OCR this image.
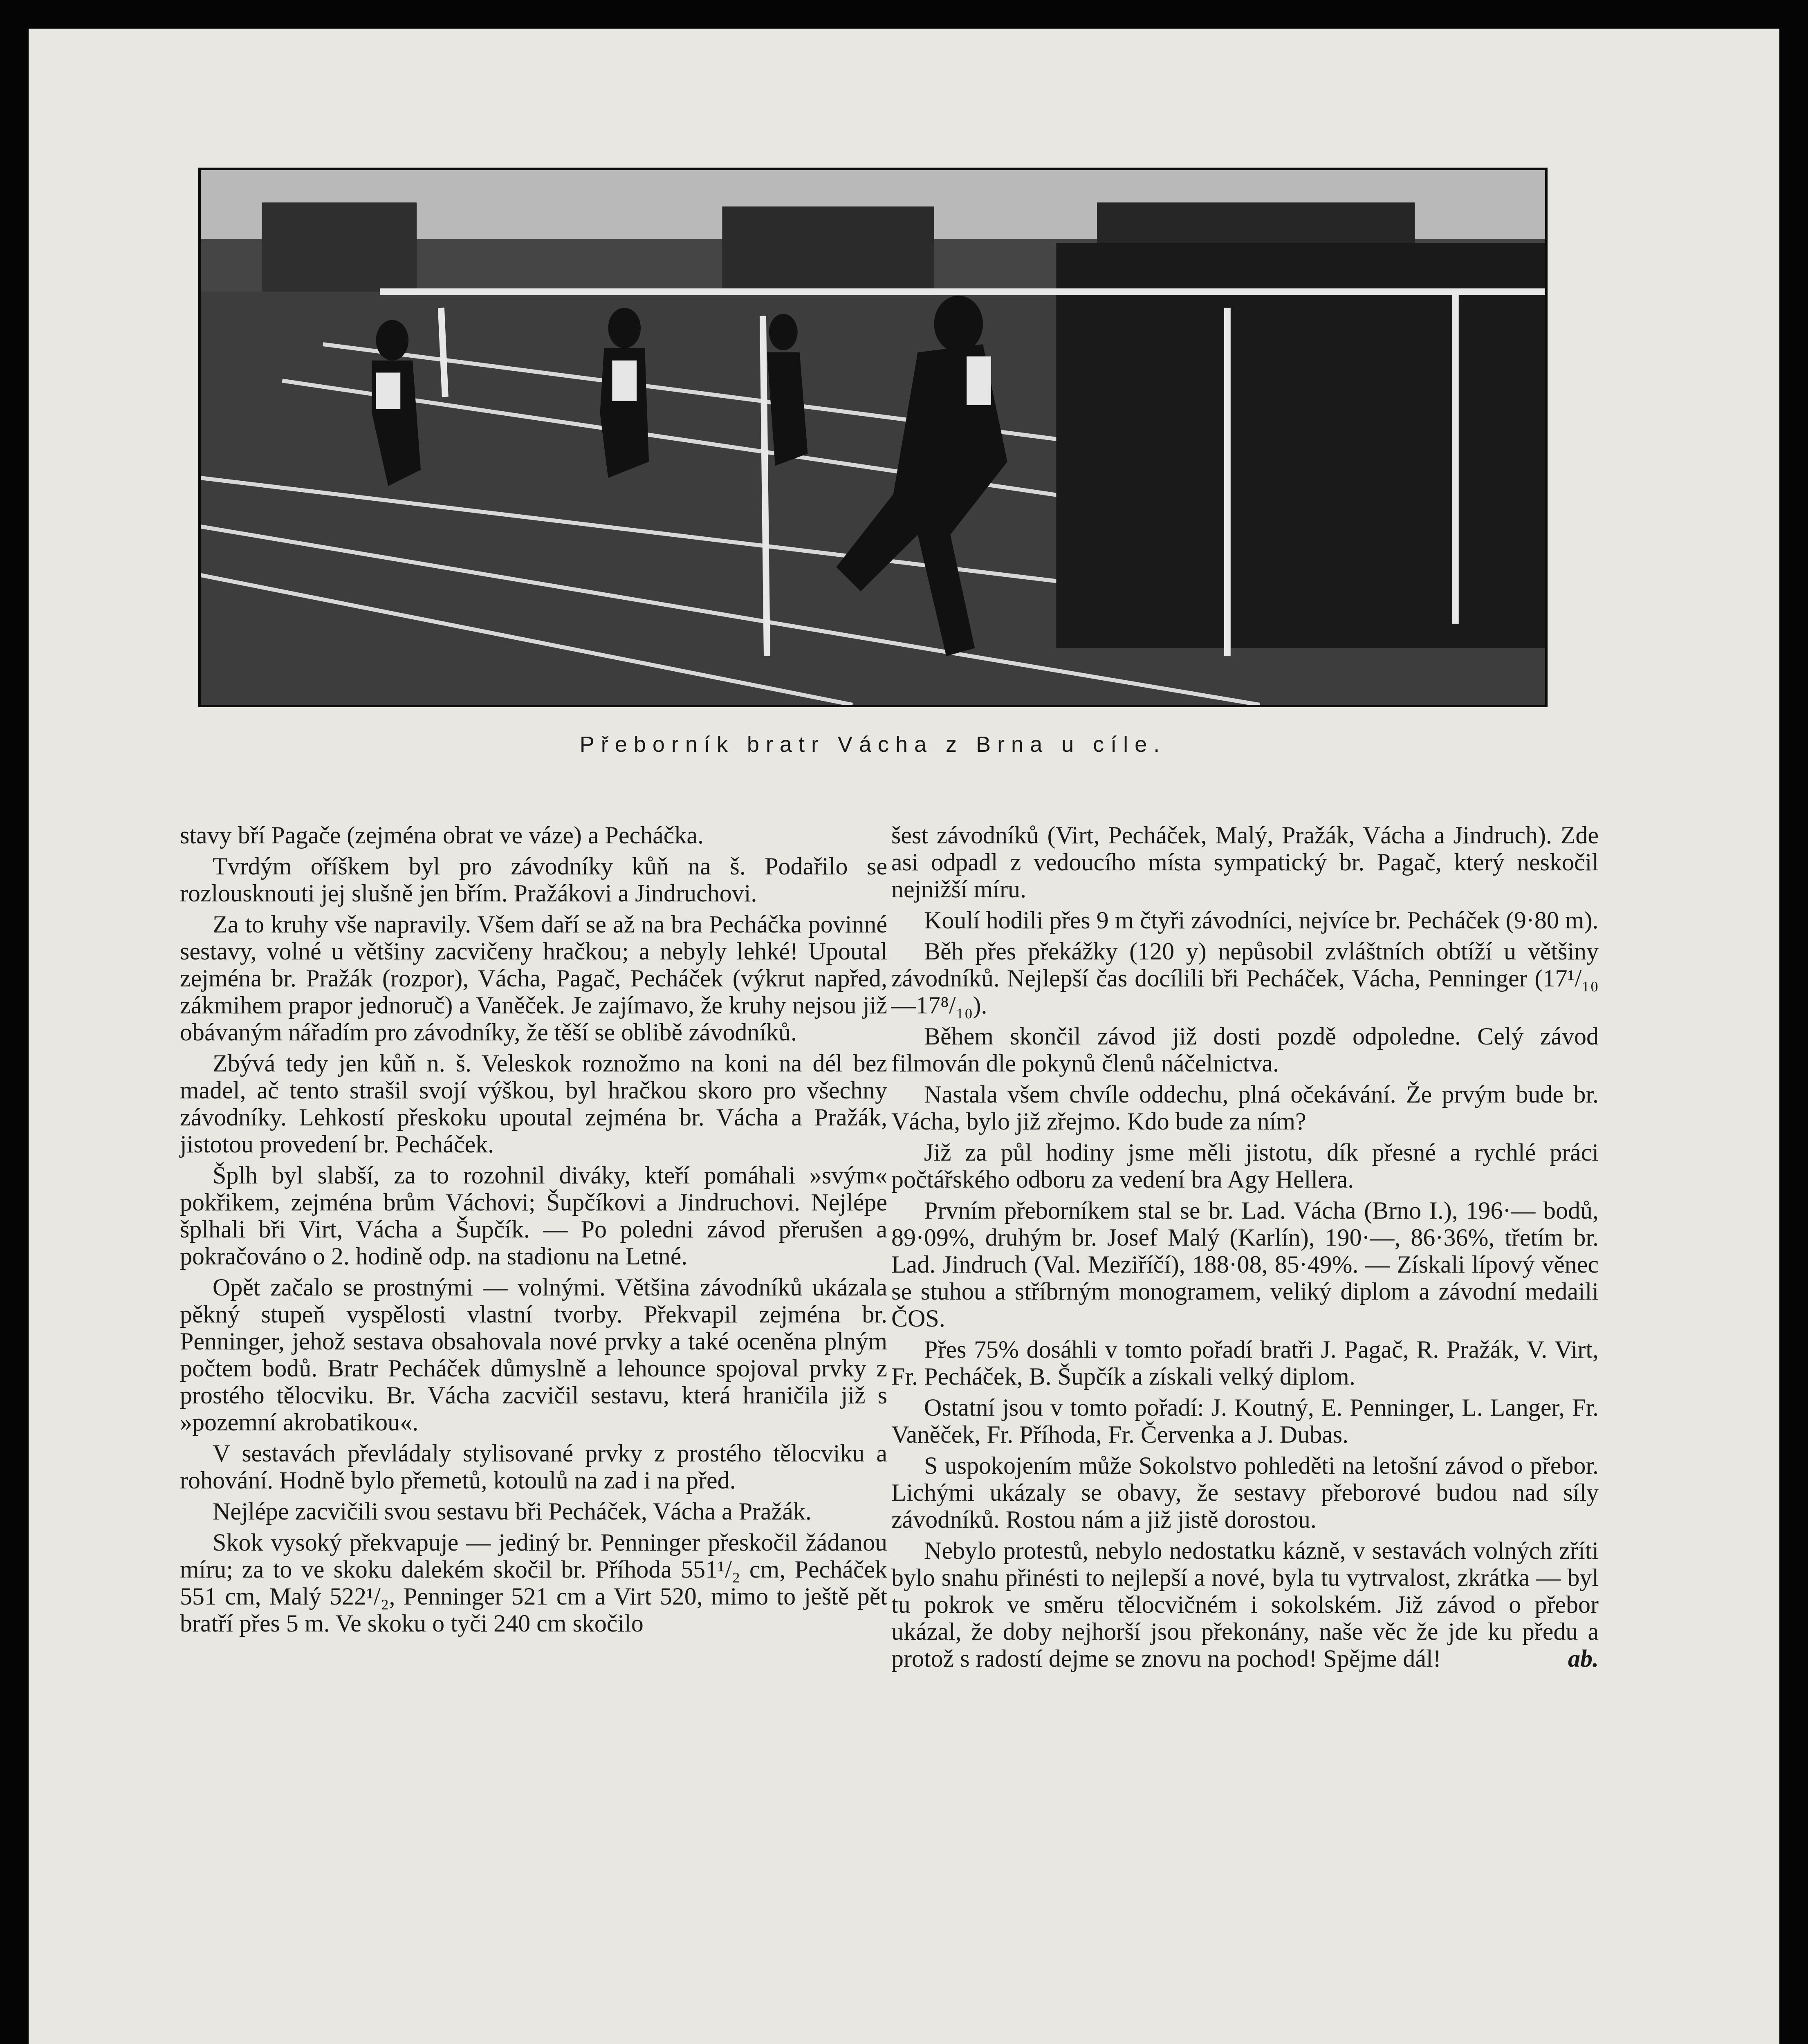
Přeborník bratr Vácha z Brna u cíle.

stavy bří Pagače (zejména obrat ve váze) a Pecháčka.

Tvrdým oříškem byl pro závodníky kůň na š. Podařilo se rozlousknouti jej slušně jen břím. Pražákovi a Jindruchovi.

Za to kruhy vše napravily. Všem daří se až na bra Pecháčka povinné sestavy, volné u většiny zacvičeny hračkou; a nebyly lehké! Upoutal zejména br. Pražák (rozpor), Vácha, Pagač, Pecháček (výkrut napřed, zákmihem prapor jednoruč) a Vaněček. Je zajímavo, že kruhy nejsou již obávaným nářadím pro závodníky, že těší se oblibě závodníků.

Zbývá tedy jen kůň n. š. Veleskok roznožmo na koni na dél bez madel, ač tento strašil svojí výškou, byl hračkou skoro pro všechny závodníky. Lehkostí přeskoku upoutal zejména br. Vácha a Pražák, jistotou provedení br. Pecháček.

Šplh byl slabší, za to rozohnil diváky, kteří pomáhali »svým« pokřikem, zejména brům Váchovi; Šupčíkovi a Jindruchovi. Nejlépe šplhali bři Virt, Vácha a Šupčík. — Po poledni závod přerušen a pokračováno o 2. hodině odp. na stadionu na Letné.

Opět začalo se prostnými — volnými. Většina závodníků ukázala pěkný stupeň vyspělosti vlastní tvorby. Překvapil zejména br. Penninger, jehož sestava obsahovala nové prvky a také oceněna plným počtem bodů. Bratr Pecháček důmyslně a lehounce spojoval prvky z prostého tělocviku. Br. Vácha zacvičil sestavu, která hraničila již s »pozemní akrobatikou«.

V sestavách převládaly stylisované prvky z prostého tělocviku a rohování. Hodně bylo přemetů, kotoulů na zad i na před.

Nejlépe zacvičili svou sestavu bři Pecháček, Vácha a Pražák.

Skok vysoký překvapuje — jediný br. Penninger přeskočil žádanou míru; za to ve skoku dalekém skočil br. Příhoda 551¹/₂ cm, Pecháček 551 cm, Malý 522¹/₂, Penninger 521 cm a Virt 520, mimo to ještě pět bratří přes 5 m. Ve skoku o tyči 240 cm skočilo

šest závodníků (Virt, Pecháček, Malý, Pražák, Vácha a Jindruch). Zde asi odpadl z vedoucího místa sympatický br. Pagač, který neskočil nejnižší míru.

Koulí hodili přes 9 m čtyři závodníci, nejvíce br. Pecháček (9·80 m).

Běh přes překážky (120 y) nepůsobil zvláštních obtíží u většiny závodníků. Nejlepší čas docílili bři Pecháček, Vácha, Penninger (17¹/₁₀—17⁸/₁₀).

Během skončil závod již dosti pozdě odpoledne. Celý závod filmován dle pokynů členů náčelnictva.

Nastala všem chvíle oddechu, plná očekávání. Že prvým bude br. Vácha, bylo již zřejmo. Kdo bude za ním?

Již za půl hodiny jsme měli jistotu, dík přesné a rychlé práci počtářského odboru za vedení bra Agy Hellera.

Prvním přeborníkem stal se br. Lad. Vácha (Brno I.), 196·— bodů, 89·09%, druhým br. Josef Malý (Karlín), 190·—, 86·36%, třetím br. Lad. Jindruch (Val. Meziříčí), 188·08, 85·49%. — Získali lípový věnec se stuhou a stříbrným monogramem, veliký diplom a závodní medaili ČOS.

Přes 75% dosáhli v tomto pořadí bratři J. Pagač, R. Pražák, V. Virt, Fr. Pecháček, B. Šupčík a získali velký diplom.

Ostatní jsou v tomto pořadí: J. Koutný, E. Penninger, L. Langer, Fr. Vaněček, Fr. Příhoda, Fr. Červenka a J. Dubas.

S uspokojením může Sokolstvo pohleděti na letošní závod o přebor. Lichými ukázaly se obavy, že sestavy přeborové budou nad síly závodníků. Rostou nám a již jistě dorostou.

Nebylo protestů, nebylo nedostatku kázně, v sestavách volných zříti bylo snahu přinésti to nejlepší a nové, byla tu vytrvalost, zkrátka — byl tu pokrok ve směru tělocvičném i sokolském. Již závod o přebor ukázal, že doby nejhorší jsou překonány, naše věc že jde ku předu a protož s radostí dejme se znovu na pochod! Spějme dál!	ab.
